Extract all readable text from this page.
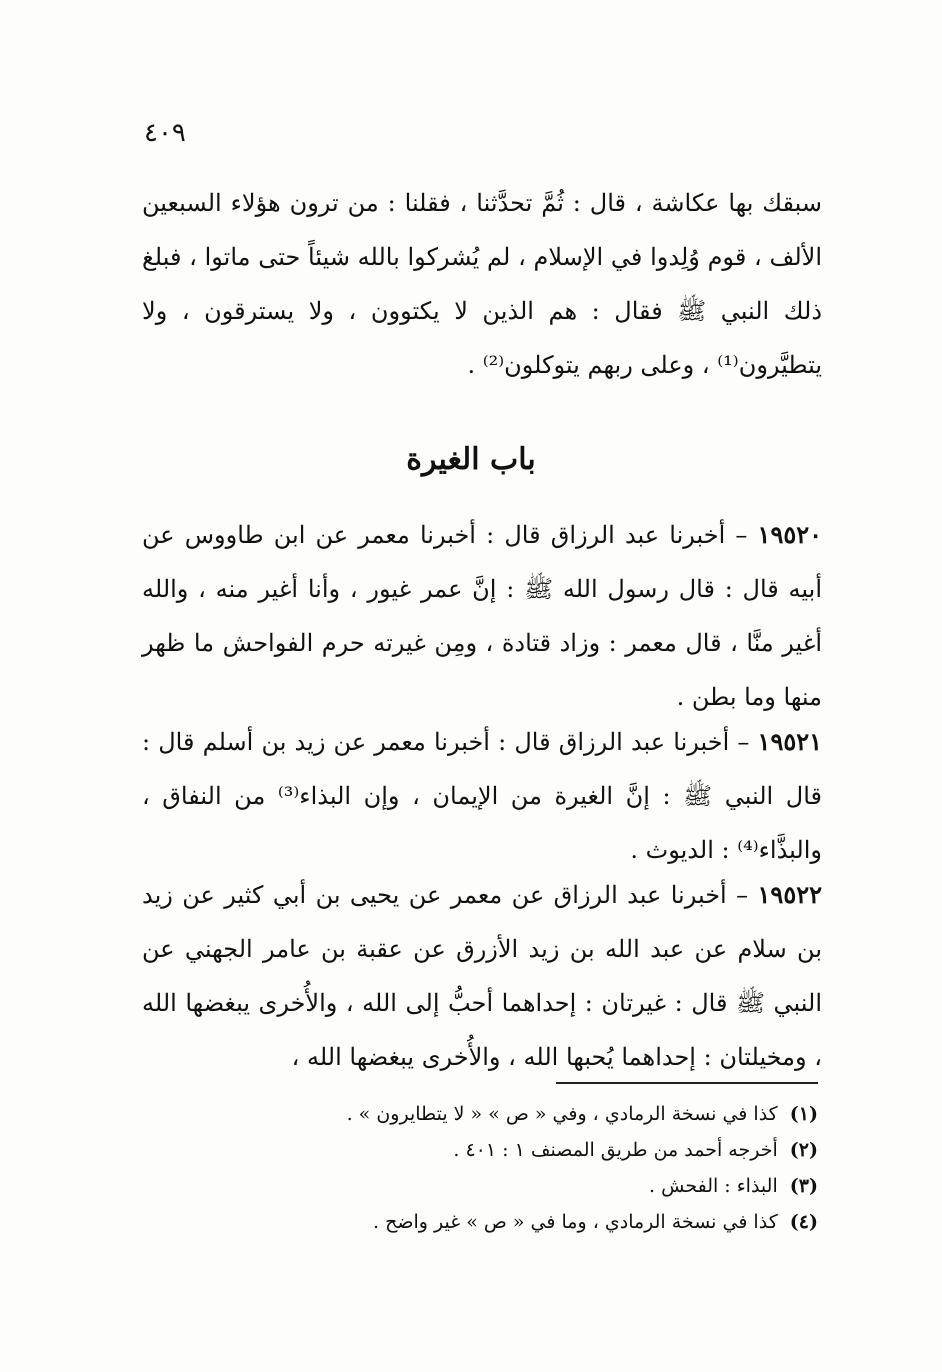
٤٠٩

سبقك بها عكاشة ، قال : ثُمَّ تحدَّثنا ، فقلنا : من ترون هؤلاء السبعين الألف ، قوم وُلِدوا في الإسلام ، لم يُشركوا بالله شيئاً حتى ماتوا ، فبلغ ذلك النبي ﷺ فقال : هم الذين لا يكتوون ، ولا يسترقون ، ولا يتطيَّرون⁽¹⁾ ، وعلى ربهم يتوكلون⁽²⁾ .

باب الغيرة

١٩٥٢٠ – أخبرنا عبد الرزاق قال : أخبرنا معمر عن ابن طاووس عن أبيه قال : قال رسول الله ﷺ : إنَّ عمر غيور ، وأنا أغير منه ، والله أغير منَّا ، قال معمر : وزاد قتادة ، ومِن غيرته حرم الفواحش ما ظهر منها وما بطن .

١٩٥٢١ – أخبرنا عبد الرزاق قال : أخبرنا معمر عن زيد بن أسلم قال : قال النبي ﷺ : إنَّ الغيرة من الإيمان ، وإن البذاء⁽³⁾ من النفاق ، والبذَّاء⁽⁴⁾ : الديوث .

١٩٥٢٢ – أخبرنا عبد الرزاق عن معمر عن يحيى بن أبي كثير عن زيد بن سلام عن عبد الله بن زيد الأزرق عن عقبة بن عامر الجهني عن النبي ﷺ قال : غيرتان : إحداهما أحبُّ إلى الله ، والأُخرى يبغضها الله ، ومخيلتان : إحداهما يُحبها الله ، والأُخرى يبغضها الله ،

(١) كذا في نسخة الرمادي ، وفي « ص » « لا يتطايرون » .
(٢) أخرجه أحمد من طريق المصنف ١ : ٤٠١ .
(٣) البذاء : الفحش .
(٤) كذا في نسخة الرمادي ، وما في « ص » غير واضح .
